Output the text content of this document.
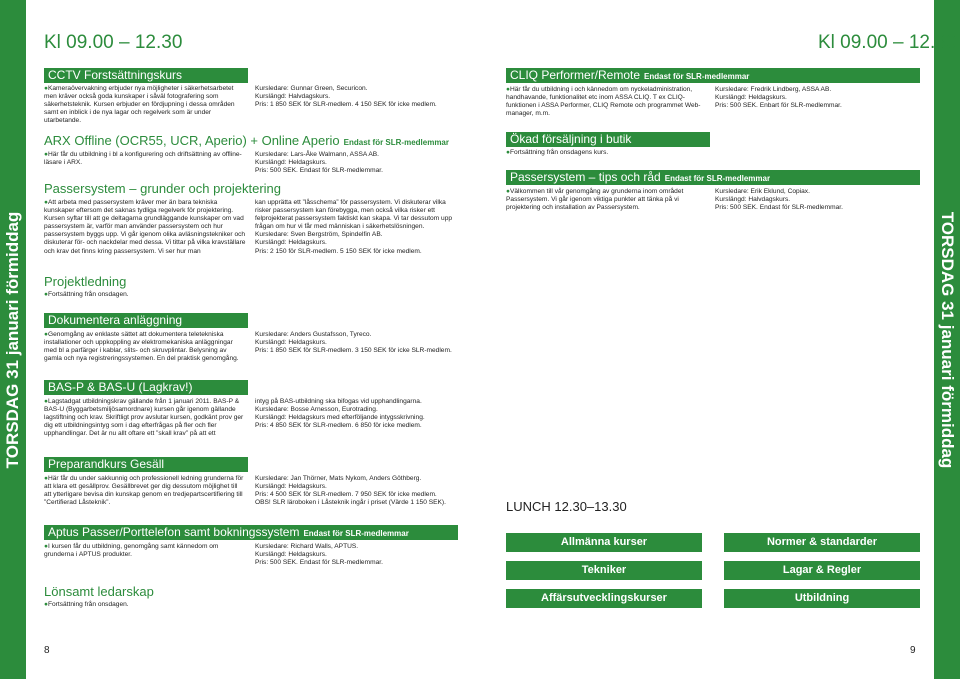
TORSDAG 31 januari förmiddag	TORSDAG 31 januari förmiddag
Kl 09.00 – 12.30	Kl 09.00 – 12.30
CCTV Forstsättningskurs
●Kameraövervakning erbjuder nya möjligheter i säkerhetsarbetet men kräver också goda kunskaper i såväl fotografering som säkerhetsteknik. Kursen erbjuder en fördjupning i dessa områden samt en inblick i de nya lagar och regelverk som är under utarbetande.
Kursledare: Gunnar Green, Securicon.
Kurslängd: Halvdagskurs.
Pris: 1 850 SEK för SLR-medlem. 4 150 SEK för icke medlem.
ARX Offline (OCR55, UCR, Aperio) + Online Aperio Endast för SLR-medlemmar
●Här får du utbildning i bl a konfigurering och driftsättning av offline-läsare i ARX.
Kursledare: Lars-Åke Walmann, ASSA AB.
Kurslängd: Heldagskurs.
Pris: 500 SEK. Endast för SLR-medlemmar.
Passersystem – grunder och projektering
●Att arbeta med passersystem kräver mer än bara tekniska kunskaper eftersom det saknas tydliga regelverk för projektering. Kursen syftar till att ge deltagarna grundläggande kunskaper om vad passersystem är, varför man använder passersystem och hur passersystem byggs upp. Vi går igenom olika avläsningstekniker och diskuterar för- och nackdelar med dessa. Vi tittar på vilka kravställare och krav det finns kring passersystem. Vi ser hur man
kan upprätta ett ”låsschema” för passersystem. Vi diskuterar vilka risker passersystem kan förebygga, men också vilka risker ett felprojekterat passersystem faktiskt kan skapa. Vi tar dessutom upp frågan om hur vi får med människan i säkerhetslösningen.
Kursledare: Sven Bergström, Spindelfin AB.
Kurslängd: Heldagskurs.
Pris: 2 150 för SLR-medlem. 5 150 SEK för icke medlem.
Projektledning
●Fortsättning från onsdagen.
Dokumentera anläggning
●Genomgång av enklaste sättet att dokumentera teletekniska installationer och uppkoppling av elektromekaniska anläggningar med bl a parfärger i kablar, slits- och skruvplintar. Belysning av gamla och nya registreringssystemen. En del praktisk genomgång.
Kursledare: Anders Gustafsson, Tyreco.
Kurslängd: Heldagskurs.
Pris: 1 850 SEK för SLR-medlem. 3 150 SEK för icke SLR-medlem.
BAS-P & BAS-U (Lagkrav!)
●Lagstadgat utbildningskrav gällande från 1 januari 2011. BAS-P & BAS-U (Byggarbetsmiljösamordnare) kursen går igenom gällande lagstiftning och krav. Skriftligt prov avslutar kursen, godkänt prov ger dig ett utbildningsintyg som i dag efterfrågas på fler och fler upphandlingar. Det är nu allt oftare ett ”skall krav” på att ett
intyg på BAS-utbildning ska bifogas vid upphandlingarna.
Kursledare: Bosse Arnesson, Eurotrading.
Kurslängd: Heldagskurs med efterföljande intygsskrivning.
Pris: 4 850 SEK för SLR-medlem. 6 850 för icke medlem.
Preparandkurs Gesäll
●Här får du under sakkunnig och professionell ledning grunderna för att klara ett gesällprov. Gesällbrevet ger dig dessutom möjlighet till att ytterligare bevisa din kunskap genom en tredjepartscertifiering till ”Certifierad Låsteknik”.
Kursledare: Jan Thörner, Mats Nykom, Anders Göthberg.
Kurslängd: Heldagskurs.
Pris: 4 500 SEK för SLR-medlem. 7 950 SEK för icke medlem.
OBS! SLR läroboken i Låsteknik ingår i priset (Värde 1 150 SEK).
Aptus Passer/Porttelefon samt bokningssystem Endast för SLR-medlemmar
●I kursen får du utbildning, genomgång samt kännedom om grunderna i APTUS produkter.
Kursledare: Richard Walls, APTUS.
Kurslängd: Heldagskurs.
Pris: 500 SEK. Endast för SLR-medlemmar.
Lönsamt ledarskap
●Fortsättning från onsdagen.
8
CLIQ Performer/Remote Endast för SLR-medlemmar
●Här får du utbildning i och kännedom om nyckeladministration, handhavande, funktionalitet etc inom ASSA CLIQ. T ex CLIQ-funktionen i ASSA Performer, CLIQ Remote och programmet Web-manager, m.m.
Kursledare: Fredrik Lindberg, ASSA AB.
Kurslängd: Heldagskurs.
Pris: 500 SEK. Enbart för SLR-medlemmar.
Ökad försäljning i butik
●Fortsättning från onsdagens kurs.
Passersystem – tips och råd Endast för SLR-medlemmar
●Välkommen till vår genomgång av grunderna inom området Passersystem. Vi går igenom viktiga punkter att tänka på vi projektering och installation av Passersystem.
Kursledare: Erik Eklund, Copiax.
Kurslängd: Halvdagskurs.
Pris: 500 SEK. Endast för SLR-medlemmar.
LUNCH 12.30–13.30
Allmänna kurser	Normer & standarder
Tekniker	Lagar & Regler
Affärsutvecklingskurser	Utbildning
9
